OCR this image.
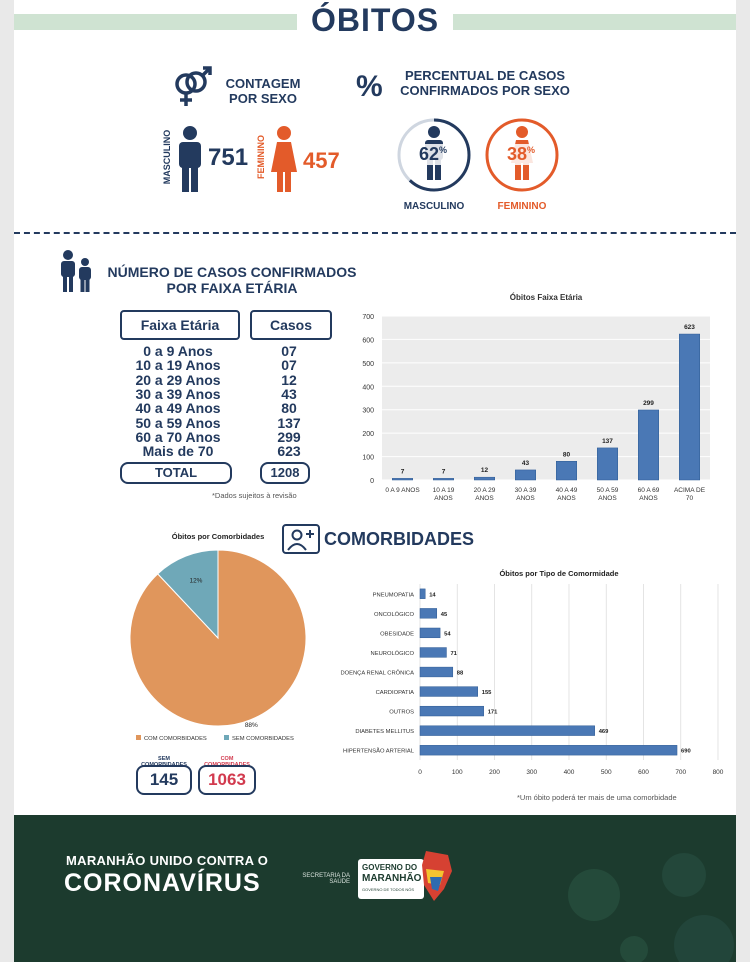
ÓBITOS
CONTAGEM
POR SEXO
MASCULINO 751 FEMININO 457
%	PERCENTUAL DE CASOS
CONFIRMADOS POR SEXO
62%
MASCULINO
38%
FEMININO
NÚMERO DE CASOS CONFIRMADOS
POR FAIXA ETÁRIA
Faixa Etária	Casos
0 a 9 Anos	07
10 a 19 Anos	07
20 a 29 Anos	12
30 a 39 Anos	43
40 a 49 Anos	80
50 a 59 Anos	137
60 a 70 Anos	299
Mais de 70	623
TOTAL	1208
*Dados sujeitos à revisão
Óbitos Faixa Etária
0
100
200
300
400
500
600
700
7
0 A 9 ANOS
7
10 A 19
ANOS
12
20 A 29
ANOS
43
30 A 39
ANOS
80
40 A 49
ANOS
137
50 A 59
ANOS
299
60 A 69
ANOS
623
ACIMA DE
70
Óbitos por Comorbidades
88%
12%
COM COMORBIDADES	SEM COMORBIDADES
COMORBIDADES
Óbitos por Tipo de Comormidade
0	100	200	300	400	500	600	700	800
14
PNEUMOPATIA
45
ONCOLÓGICO
54
OBESIDADE
71
NEUROLÓGICO
88
DOENÇA RENAL CRÔNICA
155
CARDIOPATIA
171
OUTROS
469
DIABETES MELLITUS
690
HIPERTENSÃO ARTERIAL
*Um óbito poderá ter mais de uma comorbidade
SEM COMORBIDADES
COM COMORBIDADES
145	1063
MARANHÃO UNIDO CONTRA O
CORONAVÍRUS	SECRETARIA DA
SAÚDE
GOVERNO DO
MARANHÃO
GOVERNO DE TODOS NÓS
